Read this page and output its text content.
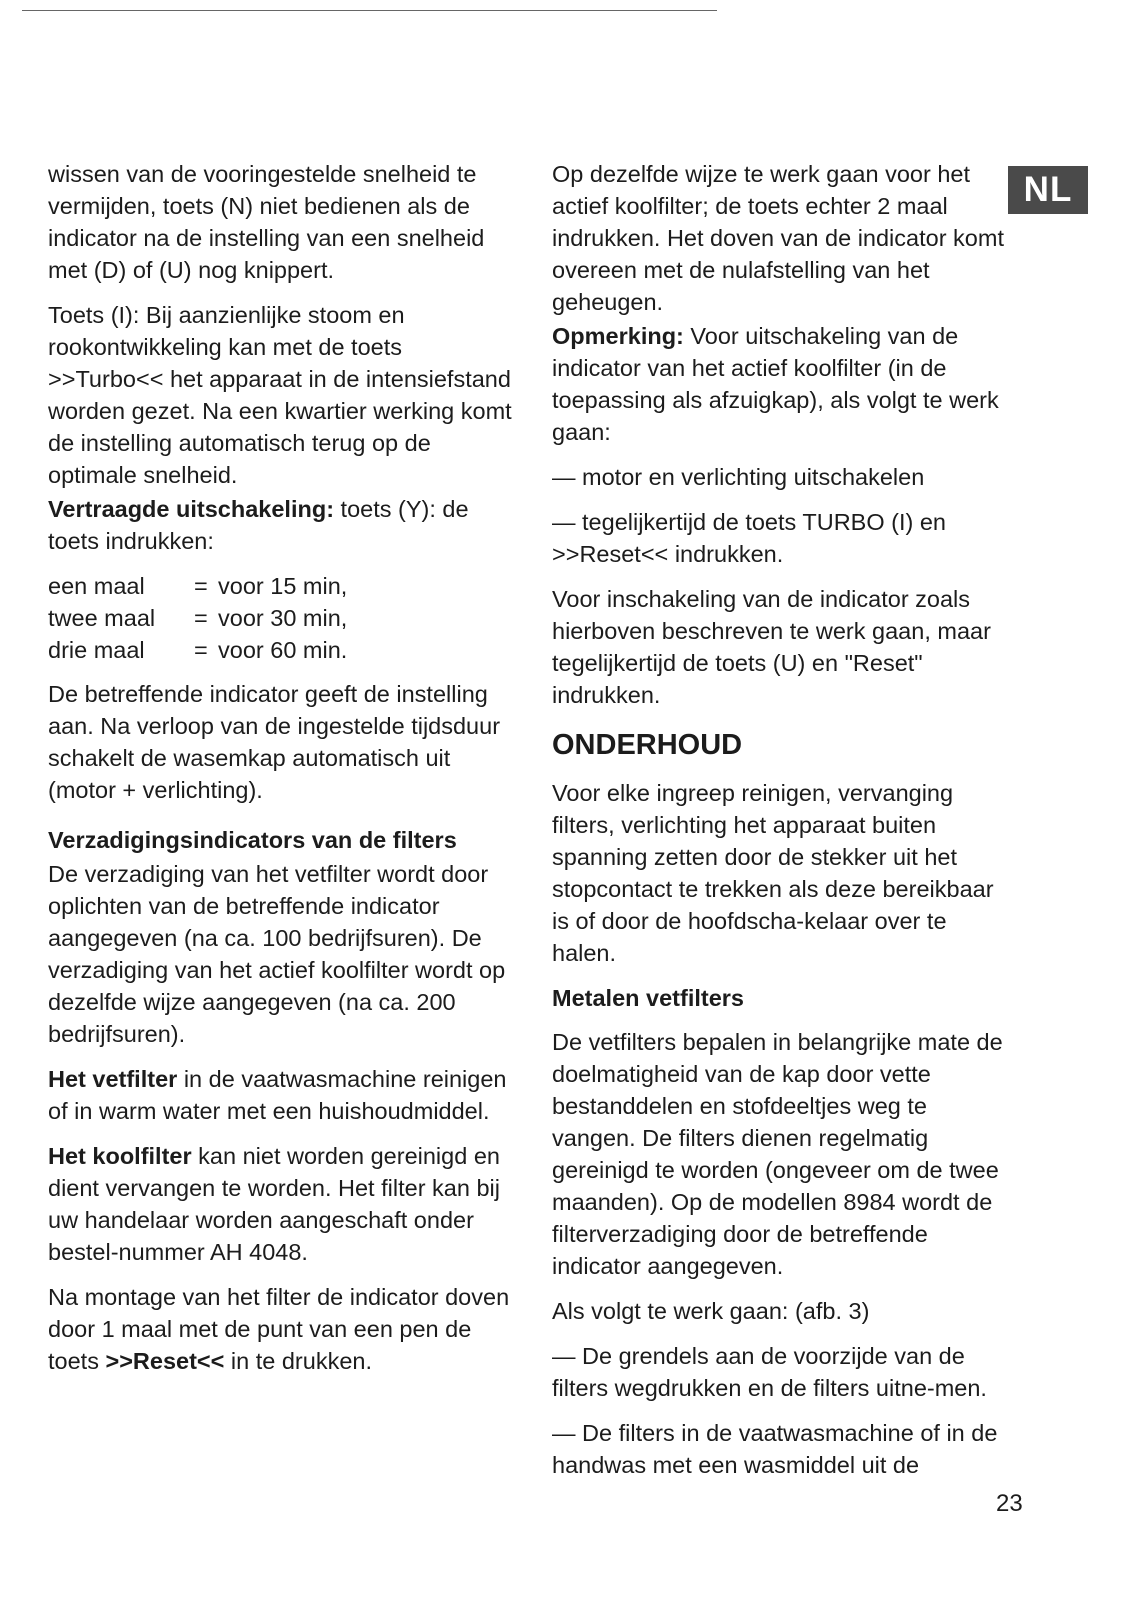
NL

wissen van de vooringestelde snelheid te vermijden, toets (N) niet bedienen als de indicator na de instelling van een snelheid met (D) of (U) nog knippert.

Toets (I): Bij aanzienlijke stoom en rookontwikkeling kan met de toets >>Turbo<< het apparaat in de intensiefstand worden gezet. Na een kwartier werking komt de instelling automatisch terug op de optimale snelheid.

Vertraagde uitschakeling: toets (Y): de toets indrukken:

een maal	=	voor 15 min,
twee maal	=	voor 30 min,
drie maal	=	voor 60 min.

De betreffende indicator geeft de instelling aan. Na verloop van de ingestelde tijdsduur schakelt de wasemkap automatisch uit (motor + verlichting).

Verzadigingsindicators van de filters

De verzadiging van het vetfilter wordt door oplichten van de betreffende indicator aangegeven (na ca. 100 bedrijfsuren). De verzadiging van het actief koolfilter wordt op dezelfde wijze aangegeven (na ca. 200 bedrijfsuren).

Het vetfilter in de vaatwasmachine reinigen of in warm water met een huishoudmiddel.

Het koolfilter kan niet worden gereinigd en dient vervangen te worden. Het filter kan bij uw handelaar worden aangeschaft onder bestel-nummer AH 4048.

Na montage van het filter de indicator doven door 1 maal met de punt van een pen de toets >>Reset<< in te drukken.

Op dezelfde wijze te werk gaan voor het actief koolfilter; de toets echter 2 maal indrukken. Het doven van de indicator komt overeen met de nulafstelling van het geheugen.

Opmerking: Voor uitschakeling van de indicator van het actief koolfilter (in de toepassing als afzuigkap), als volgt te werk gaan:

— motor en verlichting uitschakelen

— tegelijkertijd de toets TURBO (I) en >>Reset<< indrukken.

Voor inschakeling van de indicator zoals hierboven beschreven te werk gaan, maar tegelijkertijd de toets (U) en "Reset" indrukken.

ONDERHOUD

Voor elke ingreep reinigen, vervanging filters, verlichting het apparaat buiten spanning zetten door de stekker uit het stopcontact te trekken als deze bereikbaar is of door de hoofdscha-kelaar over te halen.

Metalen vetfilters

De vetfilters bepalen in belangrijke mate de doelmatigheid van de kap door vette bestanddelen en stofdeeltjes weg te vangen. De filters dienen regelmatig gereinigd te worden (ongeveer om de twee maanden). Op de modellen 8984 wordt de filterverzadiging door de betreffende indicator aangegeven.

Als volgt te werk gaan: (afb. 3)

— De grendels aan de voorzijde van de filters wegdrukken en de filters uitne-men.

— De filters in de vaatwasmachine of in de handwas met een wasmiddel uit de

23
